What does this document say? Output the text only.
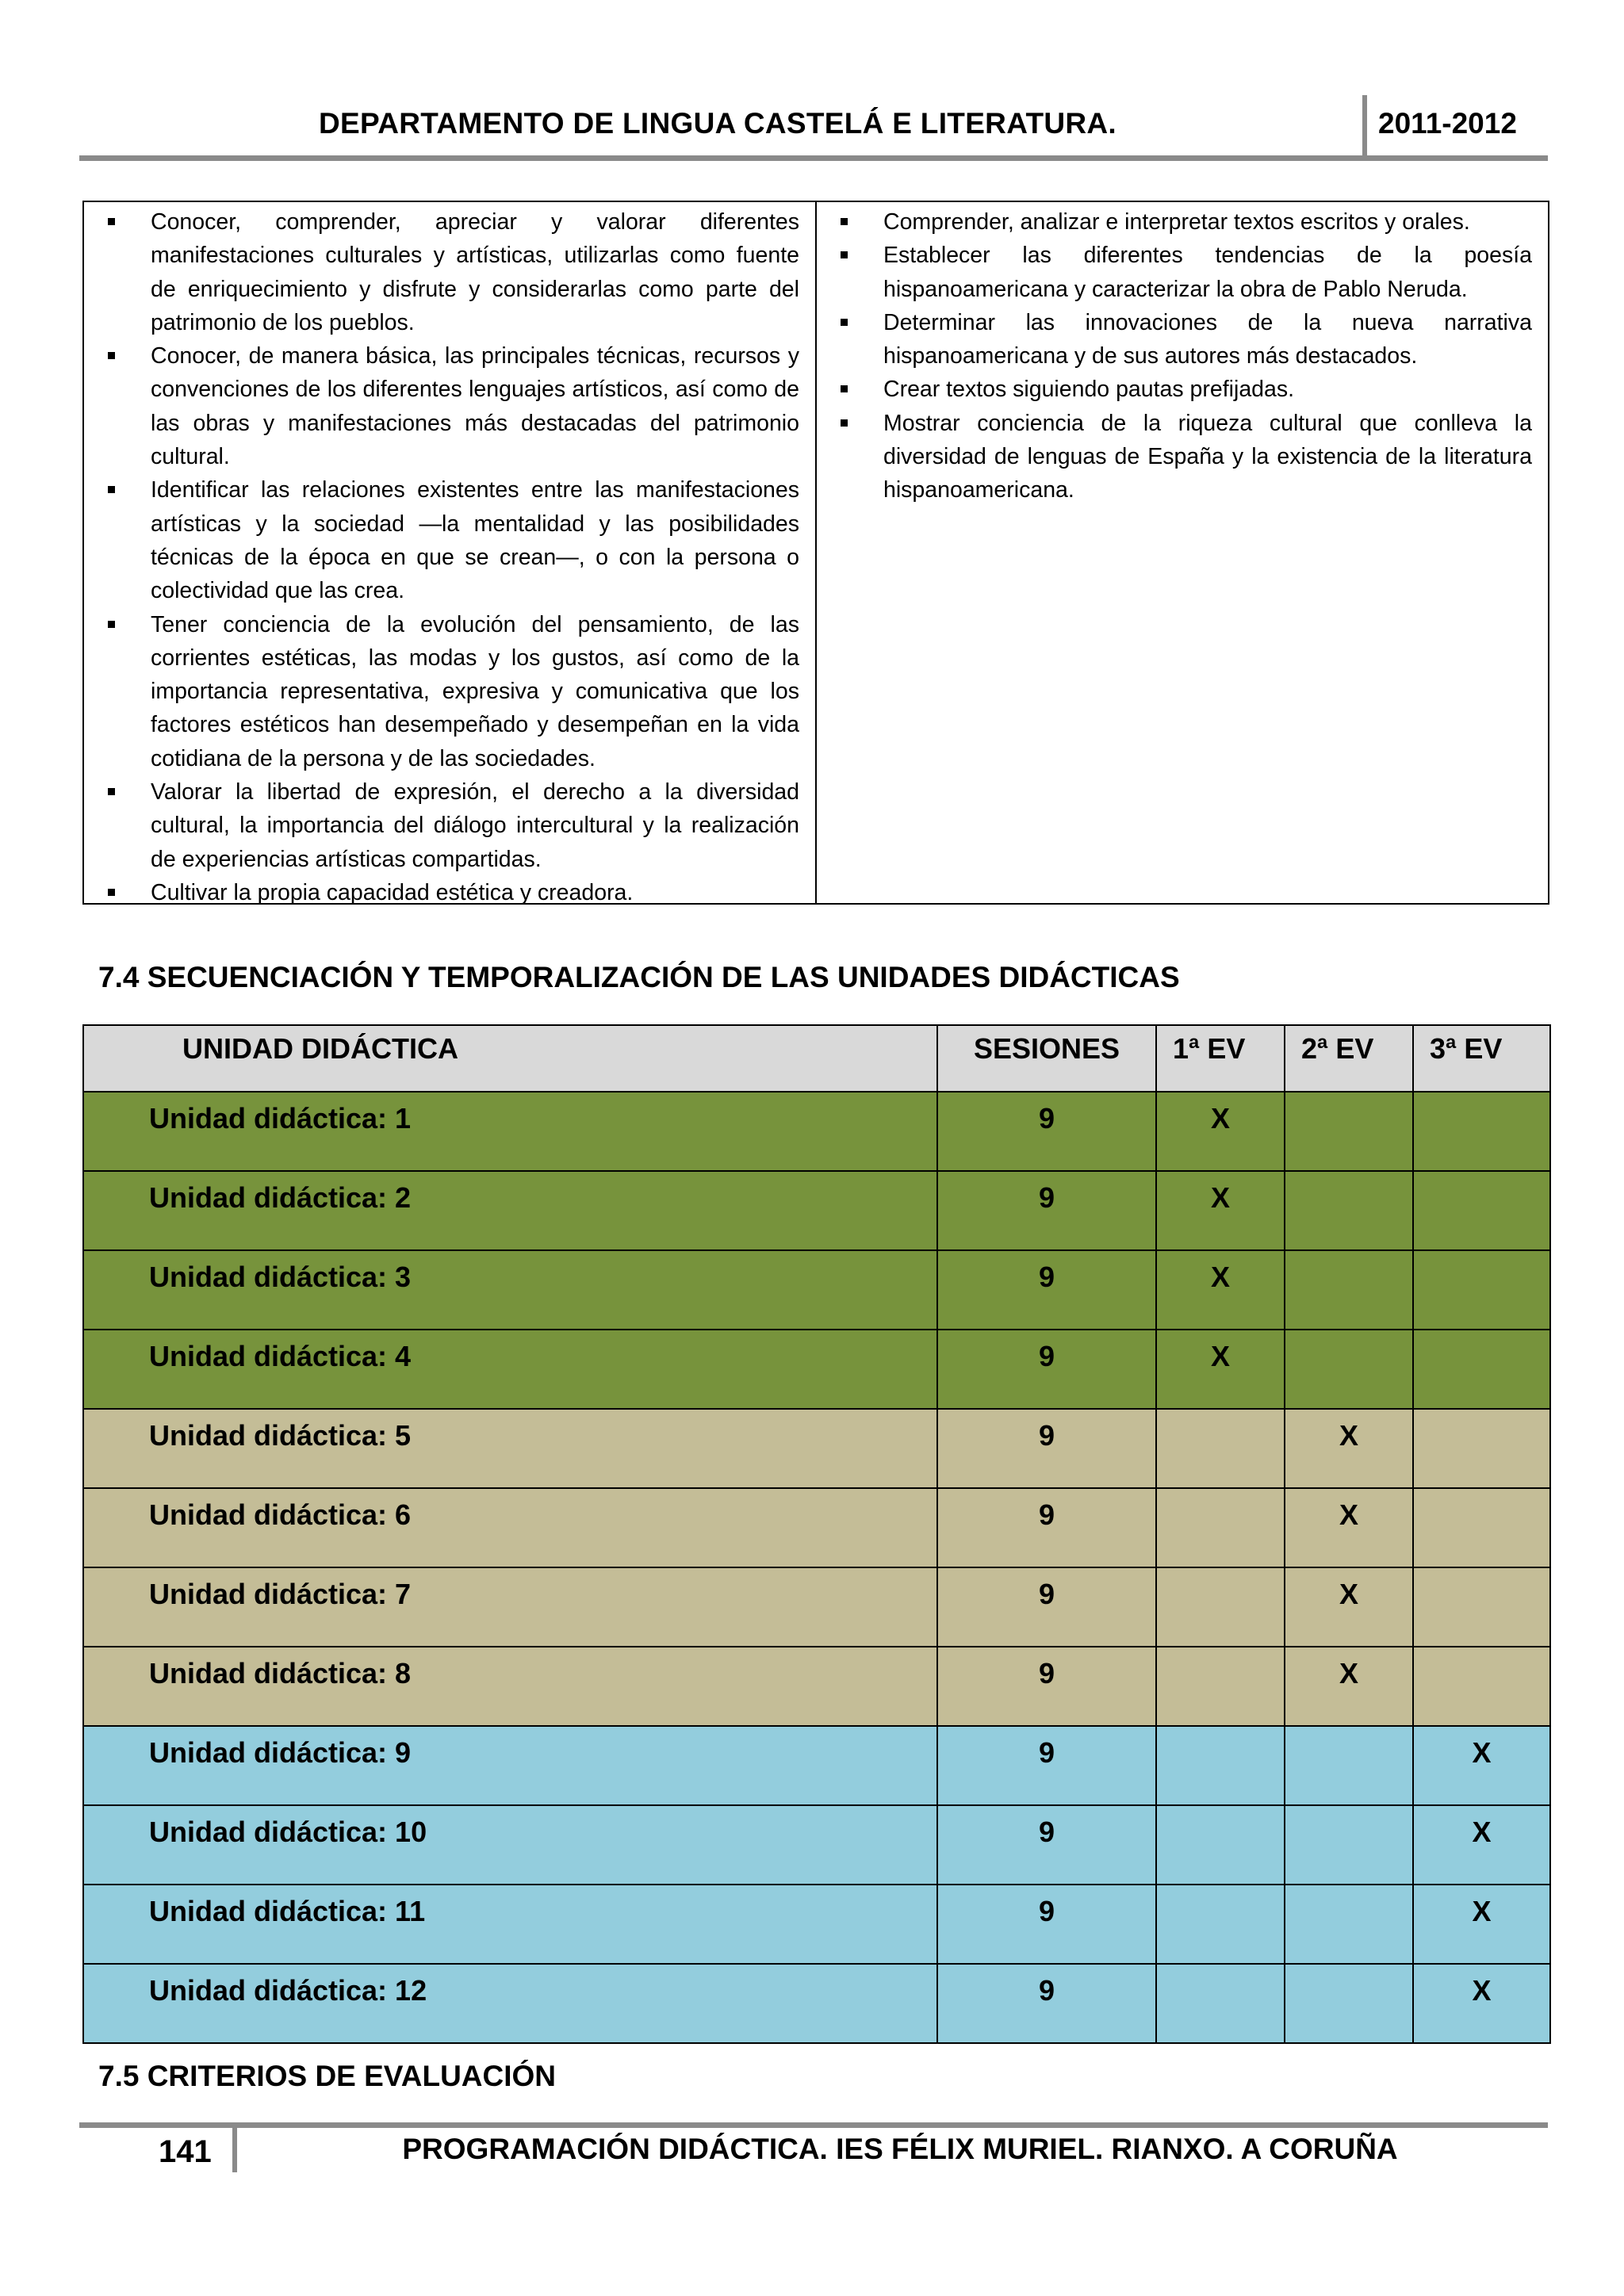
DEPARTAMENTO DE LINGUA CASTELÁ E LITERATURA.	2011-2012
Conocer, comprender, apreciar y valorar diferentes manifestaciones culturales y artísticas, utilizarlas como fuente de enriquecimiento y disfrute y considerarlas como parte del patrimonio de los pueblos.
Conocer, de manera básica, las principales técnicas, recursos y convenciones de los diferentes lenguajes artísticos, así como de las obras y manifestaciones más destacadas del patrimonio cultural.
Identificar las relaciones existentes entre las manifestaciones artísticas y la sociedad —la mentalidad y las posibilidades técnicas de la época en que se crean—, o con la persona o colectividad que las crea.
Tener conciencia de la evolución del pensamiento, de las corrientes estéticas, las modas y los gustos, así como de la importancia representativa, expresiva y comunicativa que los factores estéticos han desempeñado y desempeñan en la vida cotidiana de la persona y de las sociedades.
Valorar la libertad de expresión, el derecho a la diversidad cultural, la importancia del diálogo intercultural y la realización de experiencias artísticas compartidas.
Cultivar la propia capacidad estética y creadora.
Comprender, analizar e interpretar textos escritos y orales.
Establecer las diferentes tendencias de la poesía hispanoamericana y caracterizar la obra de Pablo Neruda.
Determinar las innovaciones de la nueva narrativa hispanoamericana y de sus autores más destacados.
Crear textos siguiendo pautas prefijadas.
Mostrar conciencia de la riqueza cultural que conlleva la diversidad de lenguas de España y la existencia de la literatura hispanoamericana.
7.4 SECUENCIACIÓN Y TEMPORALIZACIÓN DE LAS UNIDADES DIDÁCTICAS
UNIDAD DIDÁCTICA	SESIONES	1ª EV	2ª EV	3ª EV
Unidad didáctica: 1	9	X		
Unidad didáctica: 2	9	X		
Unidad didáctica: 3	9	X		
Unidad didáctica: 4	9	X		
Unidad didáctica: 5	9		X	
Unidad didáctica: 6	9		X	
Unidad didáctica: 7	9		X	
Unidad didáctica: 8	9		X	
Unidad didáctica: 9	9			X
Unidad didáctica: 10	9			X
Unidad didáctica: 11	9			X
Unidad didáctica: 12	9			X
7.5 CRITERIOS DE EVALUACIÓN
141	PROGRAMACIÓN DIDÁCTICA. IES FÉLIX MURIEL. RIANXO. A CORUÑA
